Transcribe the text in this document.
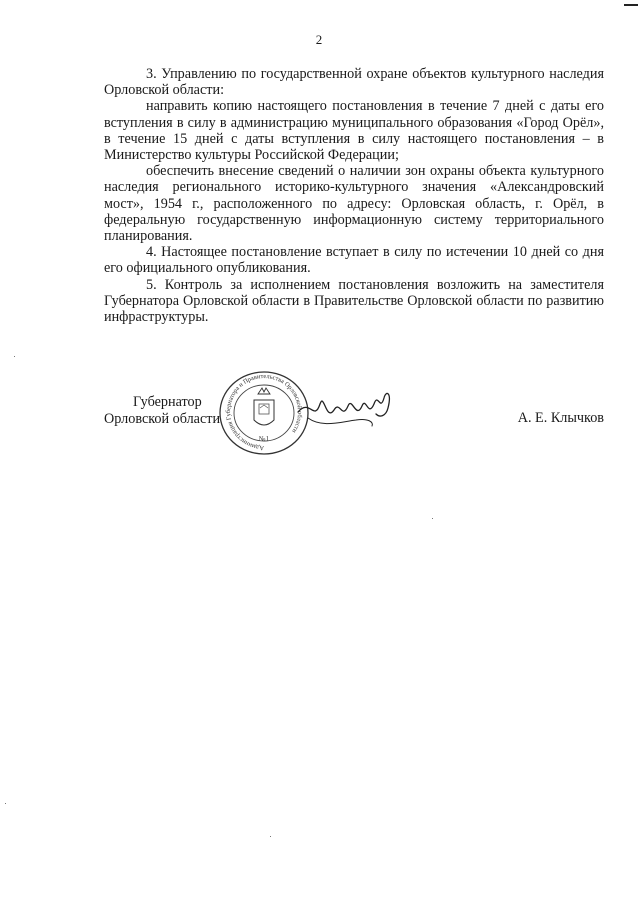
2

3. Управлению по государственной охране объектов культурного наследия Орловской области:

направить копию настоящего постановления в течение 7 дней с даты его вступления в силу в администрацию муниципального образования «Город Орёл», в течение 15 дней с даты вступления в силу настоящего постановления – в Министерство культуры Российской Федерации;

обеспечить внесение сведений о наличии зон охраны объекта культурного наследия регионального историко-культурного значения «Александровский мост», 1954 г., расположенного по адресу: Орловская область, г. Орёл, в федеральную государственную информационную систему территориального планирования.

4. Настоящее постановление вступает в силу по истечении 10 дней со дня его официального опубликования.

5. Контроль за исполнением постановления возложить на заместителя Губернатора Орловской области в Правительстве Орловской области по развитию инфраструктуры.

Губернатор
Орловской области
Администрация Губернатора и Правительства Орловской области
№1
А. Е. Клычков
